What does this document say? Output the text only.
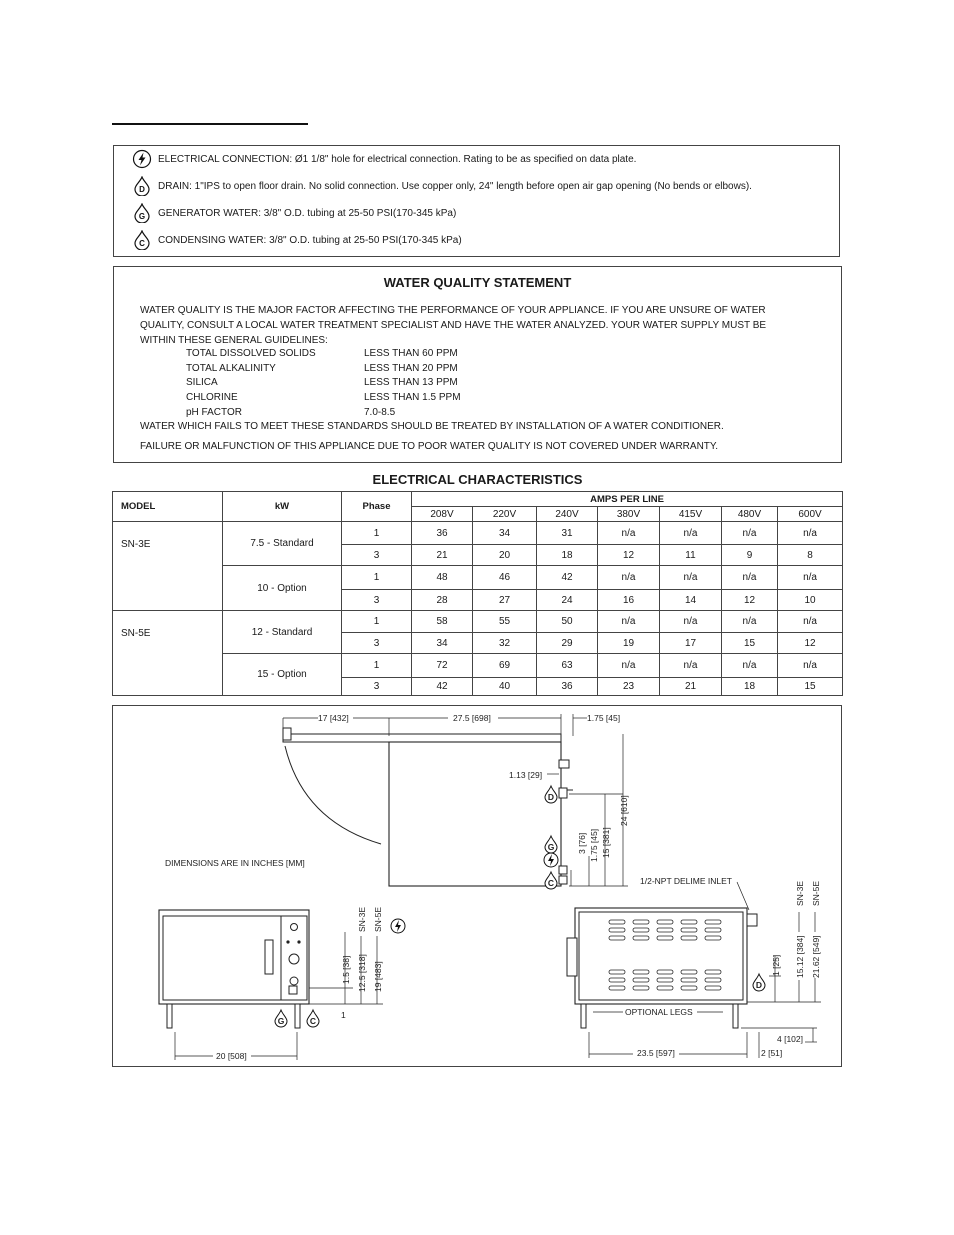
ELECTRICAL CONNECTION: Ø1 1/8" hole for electrical connection. Rating to be as specified on data plate.
D DRAIN: 1"IPS to open floor drain. No solid connection. Use copper only, 24" length before open air gap opening (No bends or elbows).
G GENERATOR WATER: 3/8" O.D. tubing at 25-50 PSI(170-345 kPa)
C CONDENSING WATER: 3/8" O.D. tubing at 25-50 PSI(170-345 kPa)
WATER QUALITY STATEMENT
WATER QUALITY IS THE MAJOR FACTOR AFFECTING THE PERFORMANCE OF YOUR APPLIANCE. IF YOU ARE UNSURE OF WATER
QUALITY, CONSULT A LOCAL WATER TREATMENT SPECIALIST AND HAVE THE WATER ANALYZED. YOUR WATER SUPPLY MUST BE
WITHIN THESE GENERAL GUIDELINES:
TOTAL DISSOLVED SOLIDS	LESS THAN 60 PPM
TOTAL ALKALINITY	LESS THAN 20 PPM
SILICA	LESS THAN 13 PPM
CHLORINE	LESS THAN 1.5 PPM
pH FACTOR	7.0-8.5
WATER WHICH FAILS TO MEET THESE STANDARDS SHOULD BE TREATED BY INSTALLATION OF A WATER CONDITIONER.
FAILURE OR MALFUNCTION OF THIS APPLIANCE DUE TO POOR WATER QUALITY IS NOT COVERED UNDER WARRANTY.
ELECTRICAL CHARACTERISTICS
MODEL	kW	Phase	AMPS PER LINE						
			208V	220V	240V	380V	415V	480V	600V
SN-3E	7.5 - Standard	1	36	34	31	n/a	n/a	n/a	n/a
		3	21	20	18	12	11	9	8
	10 - Option	1	48	46	42	n/a	n/a	n/a	n/a
		3	28	27	24	16	14	12	10
SN-5E	12 - Standard	1	58	55	50	n/a	n/a	n/a	n/a
		3	34	32	29	19	17	15	12
	15 - Option	1	72	69	63	n/a	n/a	n/a	n/a
		3	42	40	36	23	21	18	15
17 [432]	27.5 [698]	1.75 [45]
1.13 [29]
24 [610]
15 [381]
1.75 [45]
3 [76]
D
G
C
DIMENSIONS ARE IN INCHES [MM]
G	C
SN-3E SN-5E
1.5 [38] 12.5 [318] 19 [483]
1
20 [508]
D
1/2-NPT DELIME INLET	SN-3E SN-5E
1 [25] 15.12 [384] 21.62 [549]
OPTIONAL LEGS
4 [102]
23.5 [597]	2 [51]
